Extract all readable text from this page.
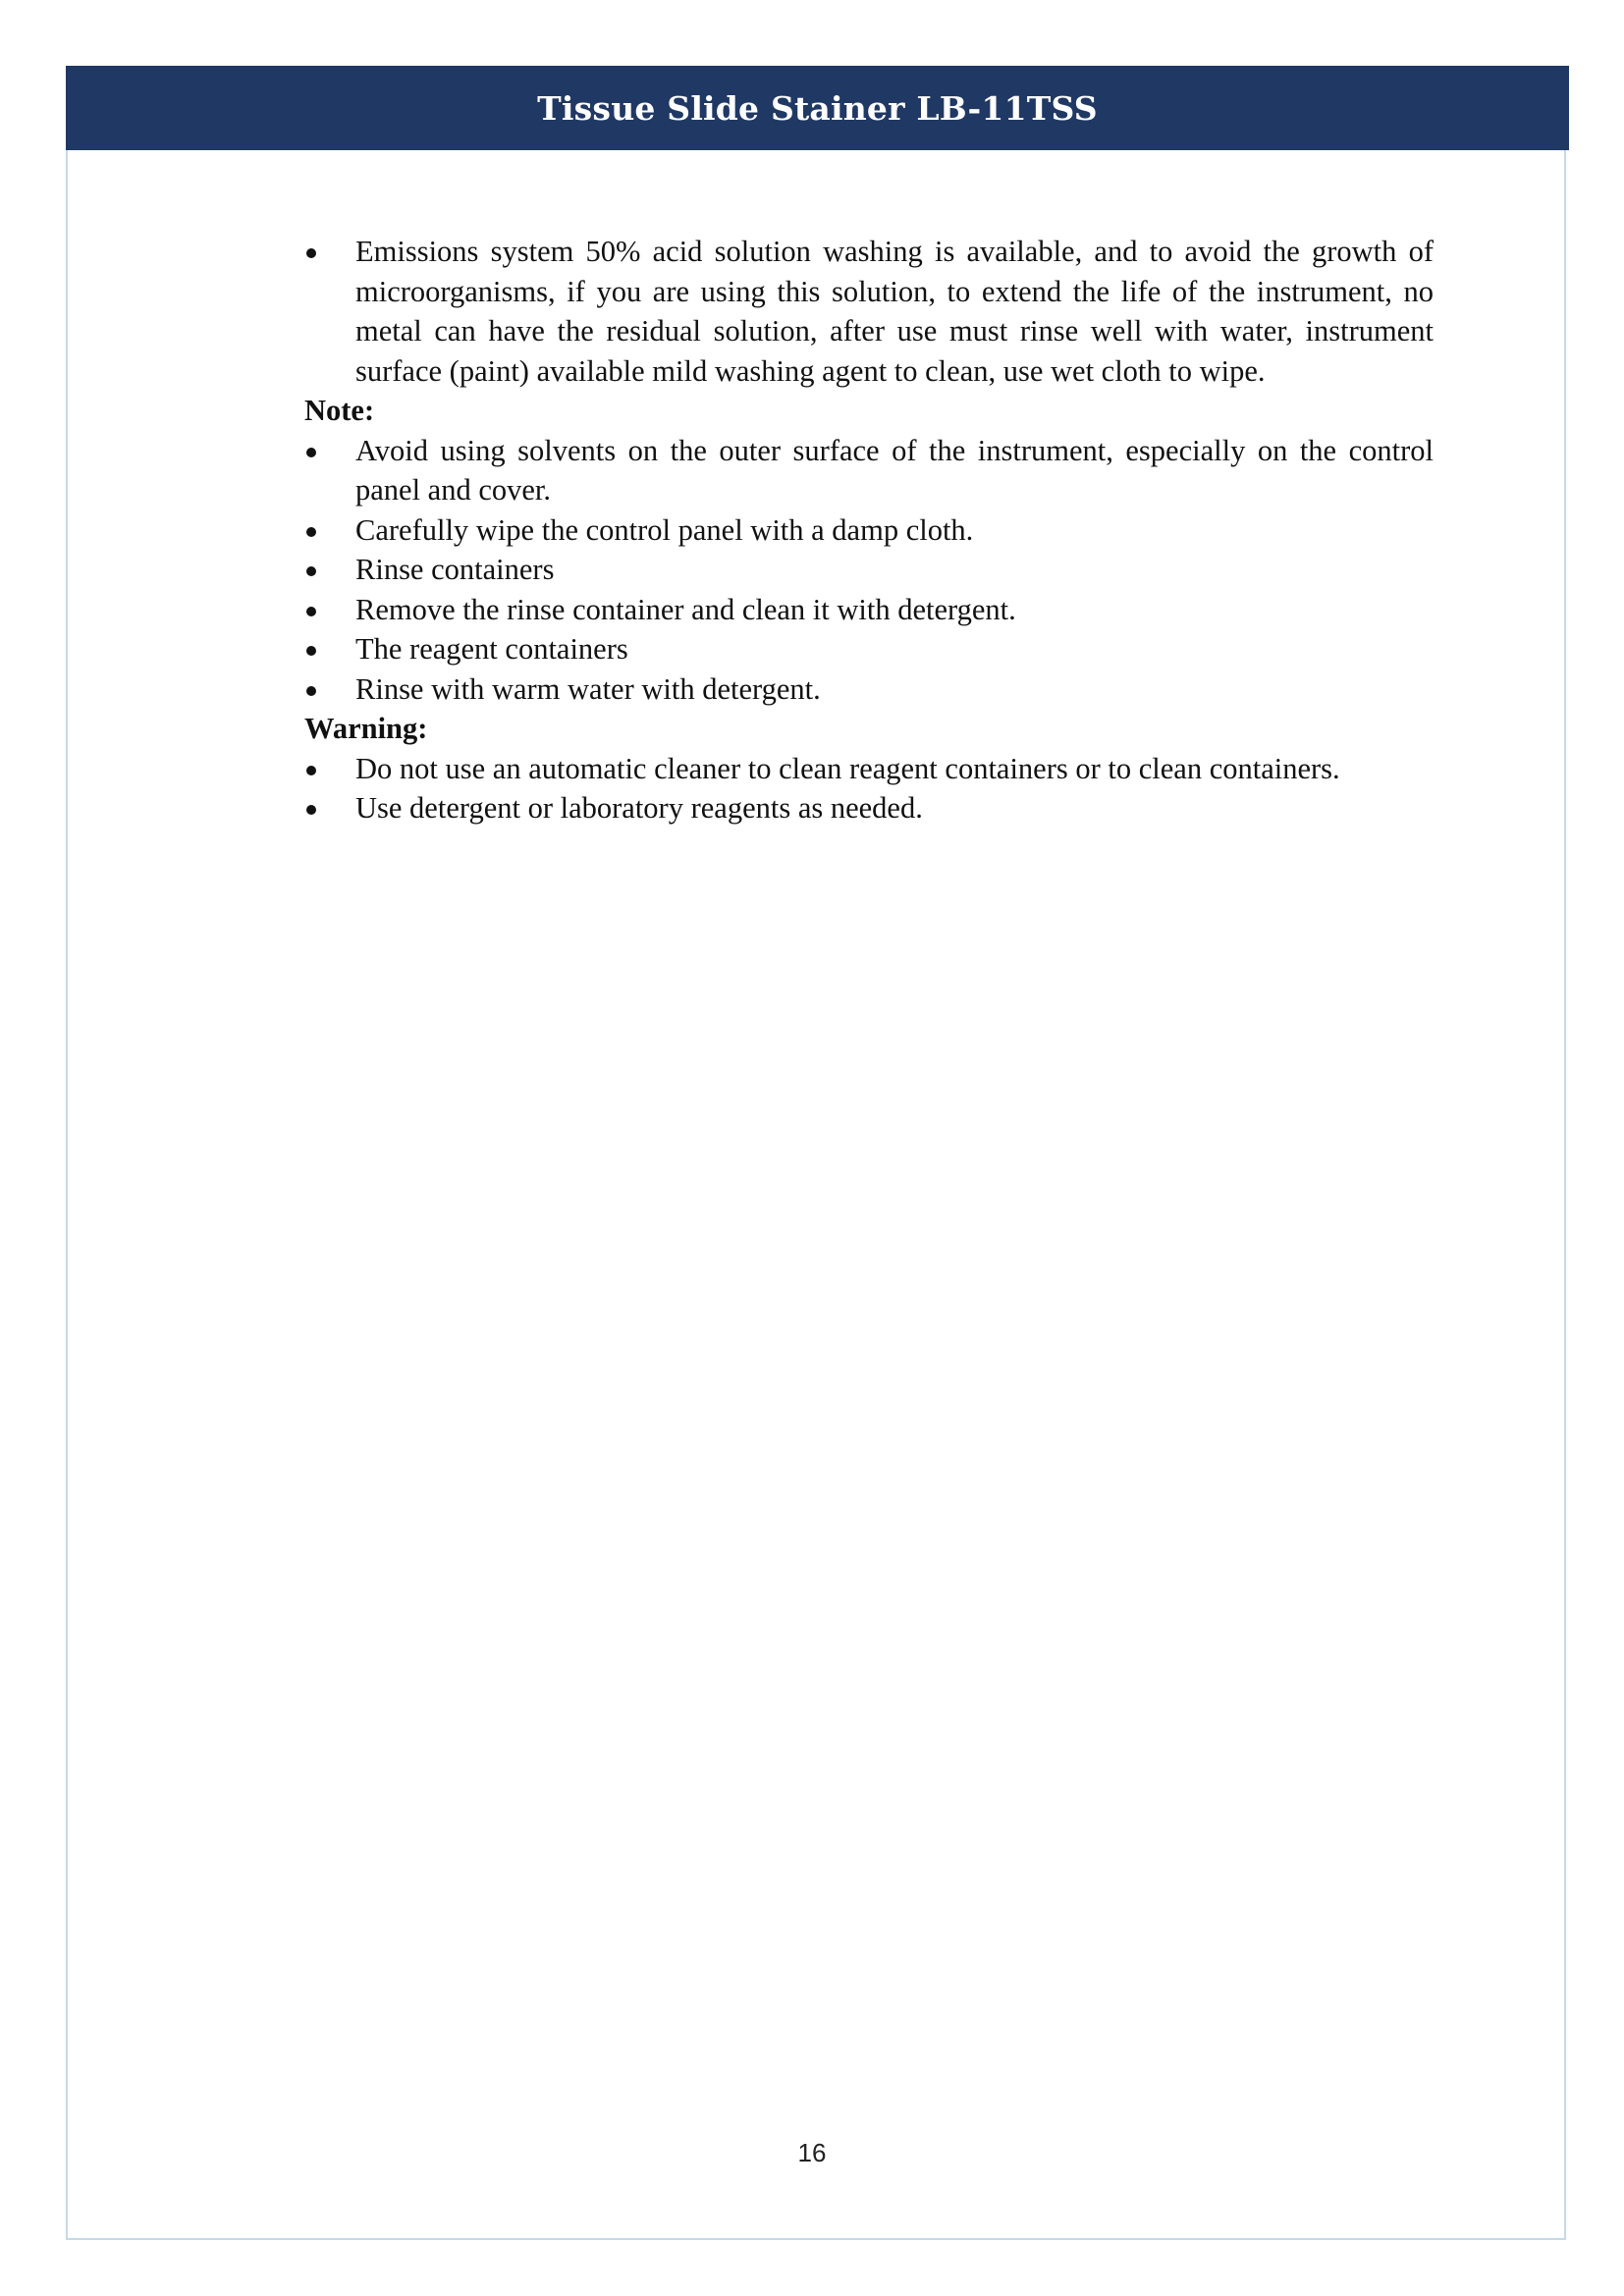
Tissue Slide Stainer LB-11TSS
Emissions system 50% acid solution washing is available, and to avoid the growth of microorganisms, if you are using this solution, to extend the life of the instrument, no metal can have the residual solution, after use must rinse well with water, instrument surface (paint) available mild washing agent to clean, use wet cloth to wipe.

Note:

Avoid using solvents on the outer surface of the instrument, especially on the control panel and cover.
Carefully wipe the control panel with a damp cloth.
Rinse containers
Remove the rinse container and clean it with detergent.
The reagent containers
Rinse with warm water with detergent.

Warning:

Do not use an automatic cleaner to clean reagent containers or to clean containers.
Use detergent or laboratory reagents as needed.
16
